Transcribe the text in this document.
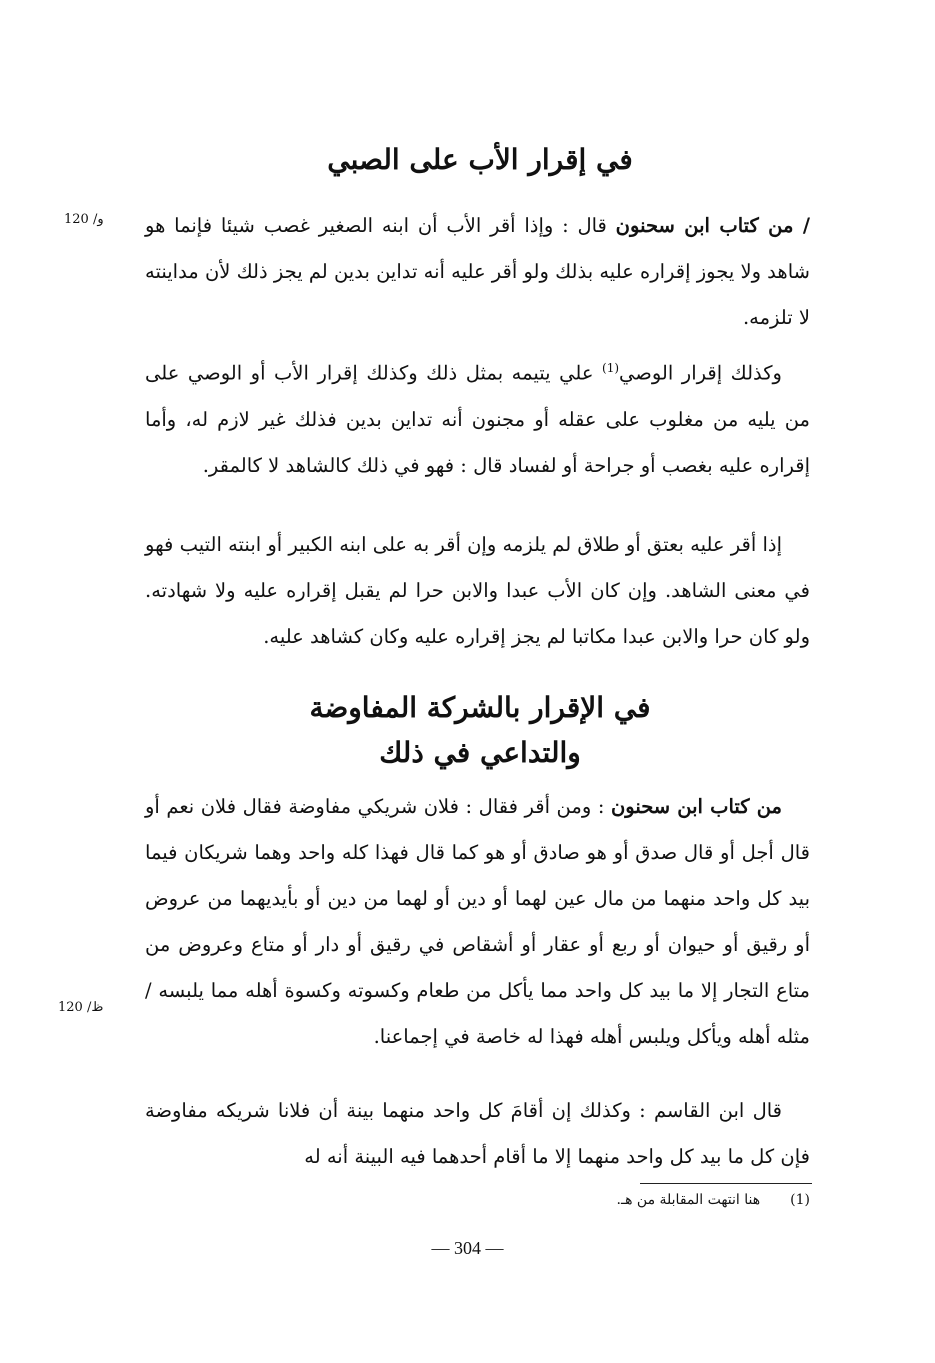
في إقرار الأب على الصبي
120 /و	/ من كتاب ابن سحنون قال : وإذا أقر الأب أن ابنه الصغير غصب شيئا فإنما هو شاهد ولا يجوز إقراره عليه بذلك ولو أقر عليه أنه تداين بدين لم يجز ذلك لأن مداينته لا تلزمه.

وكذلك إقرار الوصي$^{(1)}$ علي يتيمه بمثل ذلك وكذلك إقرار الأب أو الوصي على من يليه من مغلوب على عقله أو مجنون أنه تداين بدين فذلك غير لازم له، وأما إقراره عليه بغصب أو جراحة أو لفساد قال : فهو في ذلك كالشاهد لا كالمقر.

إذا أقر عليه بعتق أو طلاق لم يلزمه وإن أقر به على ابنه الكبير أو ابنته التيب فهو في معنى الشاهد. وإن كان الأب عبدا والابن حرا لم يقبل إقراره عليه ولا شهادته. ولو كان حرا والابن عبدا مكاتبا لم يجز إقراره عليه وكان كشاهد عليه.

في الإقرار بالشركة المفاوضة
والتداعي في ذلك
120 /ظ

من كتاب ابن سحنون : ومن أقر فقال : فلان شريكي مفاوضة فقال فلان نعم أو قال أجل أو قال صدق أو هو صادق أو هو كما قال فهذا كله واحد وهما شريكان فيما بيد كل واحد منهما من مال عين لهما أو دين أو لهما من دين أو بأيديهما من عروض أو رقيق أو حيوان أو ربع أو عقار أو أشقاص في رقيق أو دار أو متاع وعروض من متاع التجار إلا ما بيد كل واحد مما يأكل من طعام وكسوته وكسوة أهله مما يلبسه / مثله أهله ويأكل ويلبس أهله فهذا له خاصة في إجماعنا.

قال ابن القاسم : وكذلك إن أقامَ كل واحد منهما بينة أن فلانا شريكه مفاوضة فإن كل ما بيد كل واحد منهما إلا ما أقام أحدهما فيه البينة أنه له

(1)هنا انتهت المقابلة من هـ.
— 304 —
